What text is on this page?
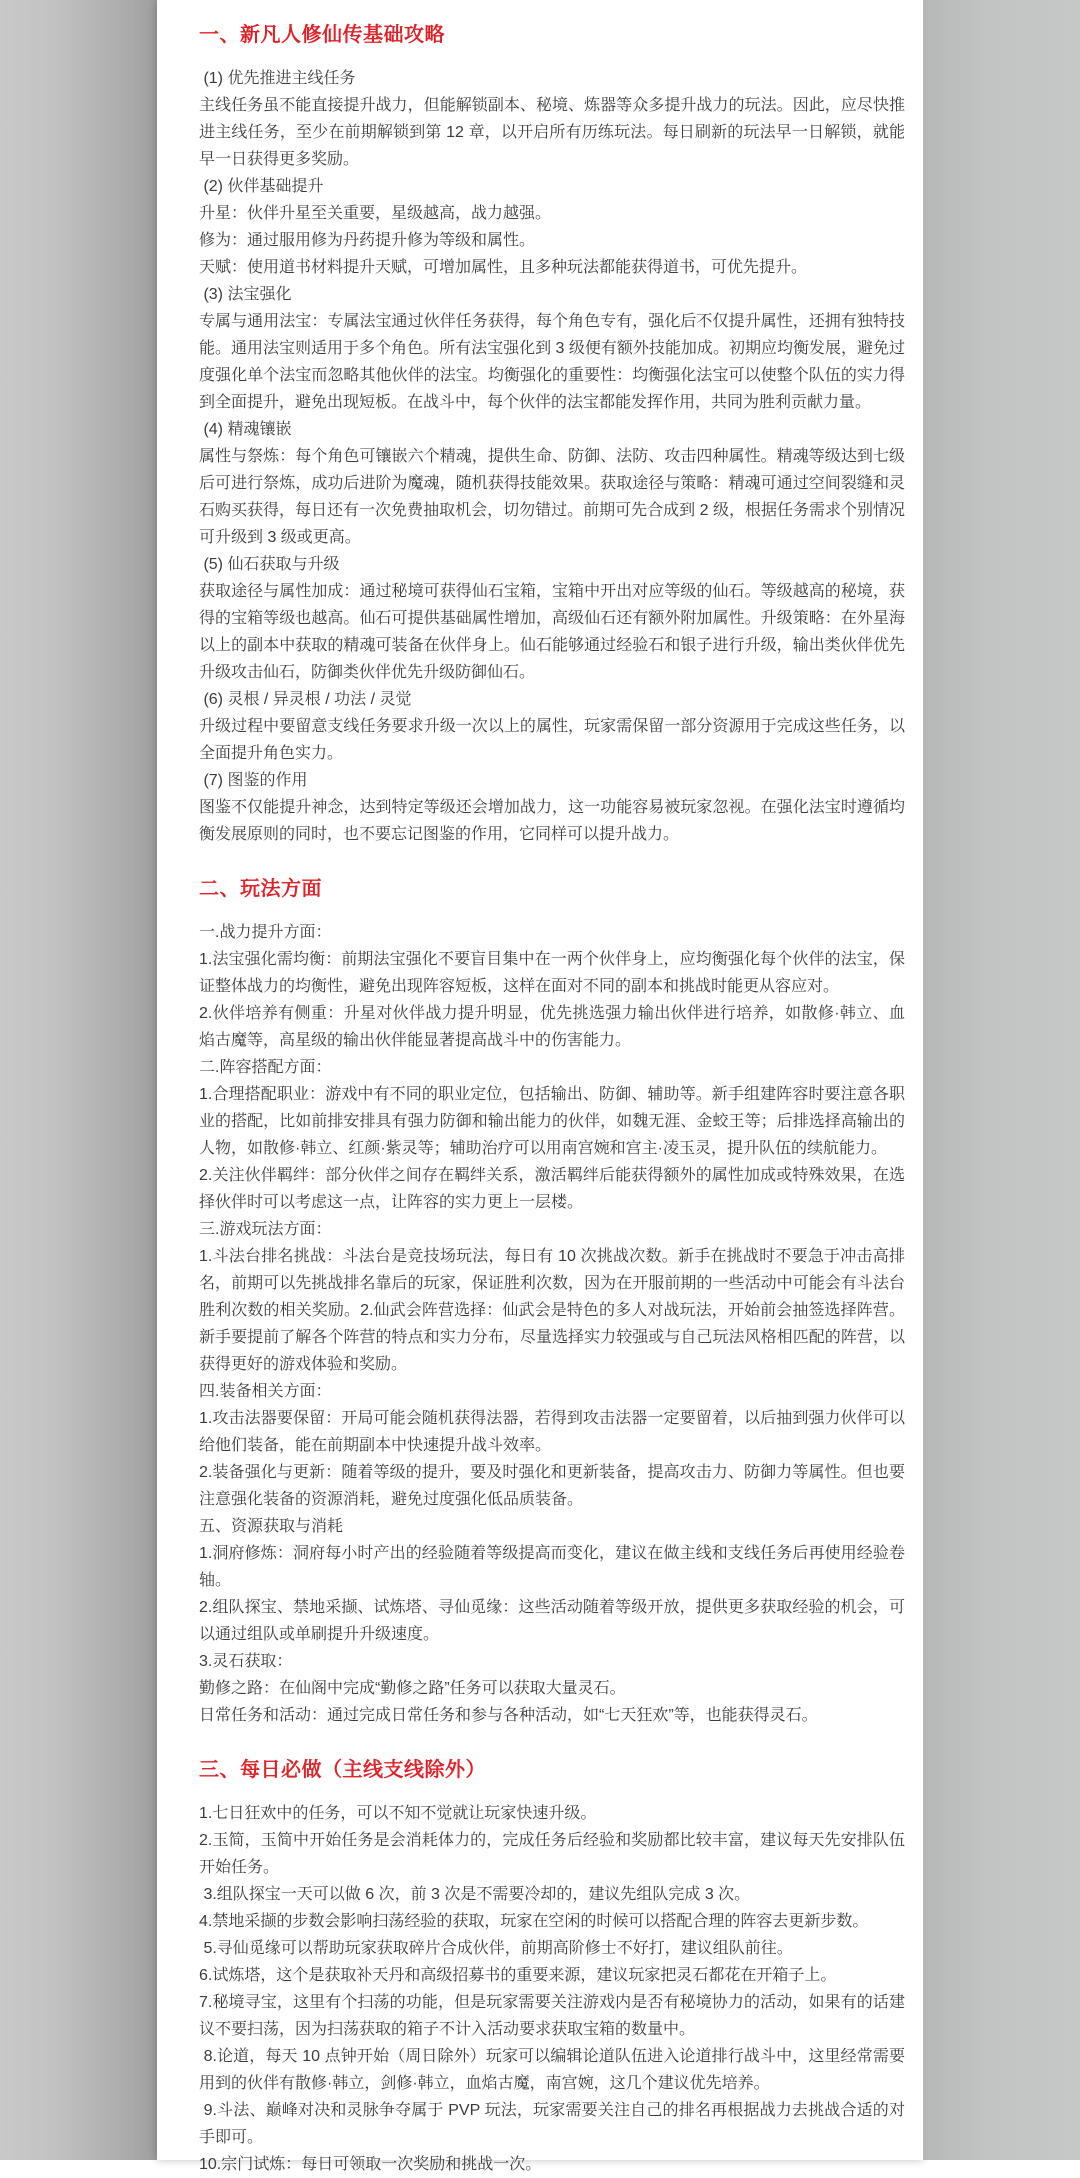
一、新凡人修仙传基础攻略

(1) 优先推进主线任务

主线任务虽不能直接提升战力，但能解锁副本、秘境、炼器等众多提升战力的玩法。因此，应尽快推进主线任务，至少在前期解锁到第 12 章，以开启所有历练玩法。每日刷新的玩法早一日解锁，就能早一日获得更多奖励。

(2) 伙伴基础提升

升星：伙伴升星至关重要，星级越高，战力越强。

修为：通过服用修为丹药提升修为等级和属性。

天赋：使用道书材料提升天赋，可增加属性，且多种玩法都能获得道书，可优先提升。

(3) 法宝强化

专属与通用法宝：专属法宝通过伙伴任务获得，每个角色专有，强化后不仅提升属性，还拥有独特技能。通用法宝则适用于多个角色。所有法宝强化到 3 级便有额外技能加成。初期应均衡发展，避免过度强化单个法宝而忽略其他伙伴的法宝。均衡强化的重要性：均衡强化法宝可以使整个队伍的实力得到全面提升，避免出现短板。在战斗中，每个伙伴的法宝都能发挥作用，共同为胜利贡献力量。

(4) 精魂镶嵌

属性与祭炼：每个角色可镶嵌六个精魂，提供生命、防御、法防、攻击四种属性。精魂等级达到七级后可进行祭炼，成功后进阶为魔魂，随机获得技能效果。获取途径与策略：精魂可通过空间裂缝和灵石购买获得，每日还有一次免费抽取机会，切勿错过。前期可先合成到 2 级，根据任务需求个别情况可升级到 3 级或更高。

(5) 仙石获取与升级

获取途径与属性加成：通过秘境可获得仙石宝箱，宝箱中开出对应等级的仙石。等级越高的秘境，获得的宝箱等级也越高。仙石可提供基础属性增加，高级仙石还有额外附加属性。升级策略：在外星海以上的副本中获取的精魂可装备在伙伴身上。仙石能够通过经验石和银子进行升级，输出类伙伴优先升级攻击仙石，防御类伙伴优先升级防御仙石。

(6) 灵根 / 异灵根 / 功法 / 灵觉

升级过程中要留意支线任务要求升级一次以上的属性，玩家需保留一部分资源用于完成这些任务，以全面提升角色实力。

(7) 图鉴的作用

图鉴不仅能提升神念，达到特定等级还会增加战力，这一功能容易被玩家忽视。在强化法宝时遵循均衡发展原则的同时，也不要忘记图鉴的作用，它同样可以提升战力。

二、玩法方面

一.战力提升方面：

1.法宝强化需均衡：前期法宝强化不要盲目集中在一两个伙伴身上，应均衡强化每个伙伴的法宝，保证整体战力的均衡性，避免出现阵容短板，这样在面对不同的副本和挑战时能更从容应对。

2.伙伴培养有侧重：升星对伙伴战力提升明显，优先挑选强力输出伙伴进行培养，如散修·韩立、血焰古魔等，高星级的输出伙伴能显著提高战斗中的伤害能力。

二.阵容搭配方面：

1.合理搭配职业：游戏中有不同的职业定位，包括输出、防御、辅助等。新手组建阵容时要注意各职业的搭配，比如前排安排具有强力防御和输出能力的伙伴，如魏无涯、金蛟王等；后排选择高输出的人物，如散修·韩立、红颜·紫灵等；辅助治疗可以用南宫婉和宫主·凌玉灵，提升队伍的续航能力。

2.关注伙伴羁绊：部分伙伴之间存在羁绊关系，激活羁绊后能获得额外的属性加成或特殊效果，在选择伙伴时可以考虑这一点，让阵容的实力更上一层楼。

三.游戏玩法方面：

1.斗法台排名挑战：斗法台是竞技场玩法，每日有 10 次挑战次数。新手在挑战时不要急于冲击高排名，前期可以先挑战排名靠后的玩家，保证胜利次数，因为在开服前期的一些活动中可能会有斗法台胜利次数的相关奖励。2.仙武会阵营选择：仙武会是特色的多人对战玩法，开始前会抽签选择阵营。新手要提前了解各个阵营的特点和实力分布，尽量选择实力较强或与自己玩法风格相匹配的阵营，以获得更好的游戏体验和奖励。

四.装备相关方面：

1.攻击法器要保留：开局可能会随机获得法器，若得到攻击法器一定要留着，以后抽到强力伙伴可以给他们装备，能在前期副本中快速提升战斗效率。

2.装备强化与更新：随着等级的提升，要及时强化和更新装备，提高攻击力、防御力等属性。但也要注意强化装备的资源消耗，避免过度强化低品质装备。

五、资源获取与消耗

1.洞府修炼：洞府每小时产出的经验随着等级提高而变化，建议在做主线和支线任务后再使用经验卷轴。

2.组队探宝、禁地采撷、试炼塔、寻仙觅缘：这些活动随着等级开放，提供更多获取经验的机会，可以通过组队或单刷提升升级速度。

3.灵石获取：

勤修之路：在仙阁中完成“勤修之路”任务可以获取大量灵石。

日常任务和活动：通过完成日常任务和参与各种活动，如“七天狂欢”等，也能获得灵石。

三、每日必做（主线支线除外）

1.七日狂欢中的任务，可以不知不觉就让玩家快速升级。

2.玉简，玉简中开始任务是会消耗体力的，完成任务后经验和奖励都比较丰富，建议每天先安排队伍开始任务。

3.组队探宝一天可以做 6 次，前 3 次是不需要冷却的，建议先组队完成 3 次。

4.禁地采撷的步数会影响扫荡经验的获取，玩家在空闲的时候可以搭配合理的阵容去更新步数。

5.寻仙觅缘可以帮助玩家获取碎片合成伙伴，前期高阶修士不好打，建议组队前往。

6.试炼塔，这个是获取补天丹和高级招募书的重要来源，建议玩家把灵石都花在开箱子上。

7.秘境寻宝，这里有个扫荡的功能，但是玩家需要关注游戏内是否有秘境协力的活动，如果有的话建议不要扫荡，因为扫荡获取的箱子不计入活动要求获取宝箱的数量中。

8.论道，每天 10 点钟开始（周日除外）玩家可以编辑论道队伍进入论道排行战斗中，这里经常需要用到的伙伴有散修·韩立，剑修·韩立，血焰古魔，南宫婉，这几个建议优先培养。

9.斗法、巅峰对决和灵脉争夺属于 PVP 玩法，玩家需要关注自己的排名再根据战力去挑战合适的对手即可。

10.宗门试炼：每日可领取一次奖励和挑战一次。
